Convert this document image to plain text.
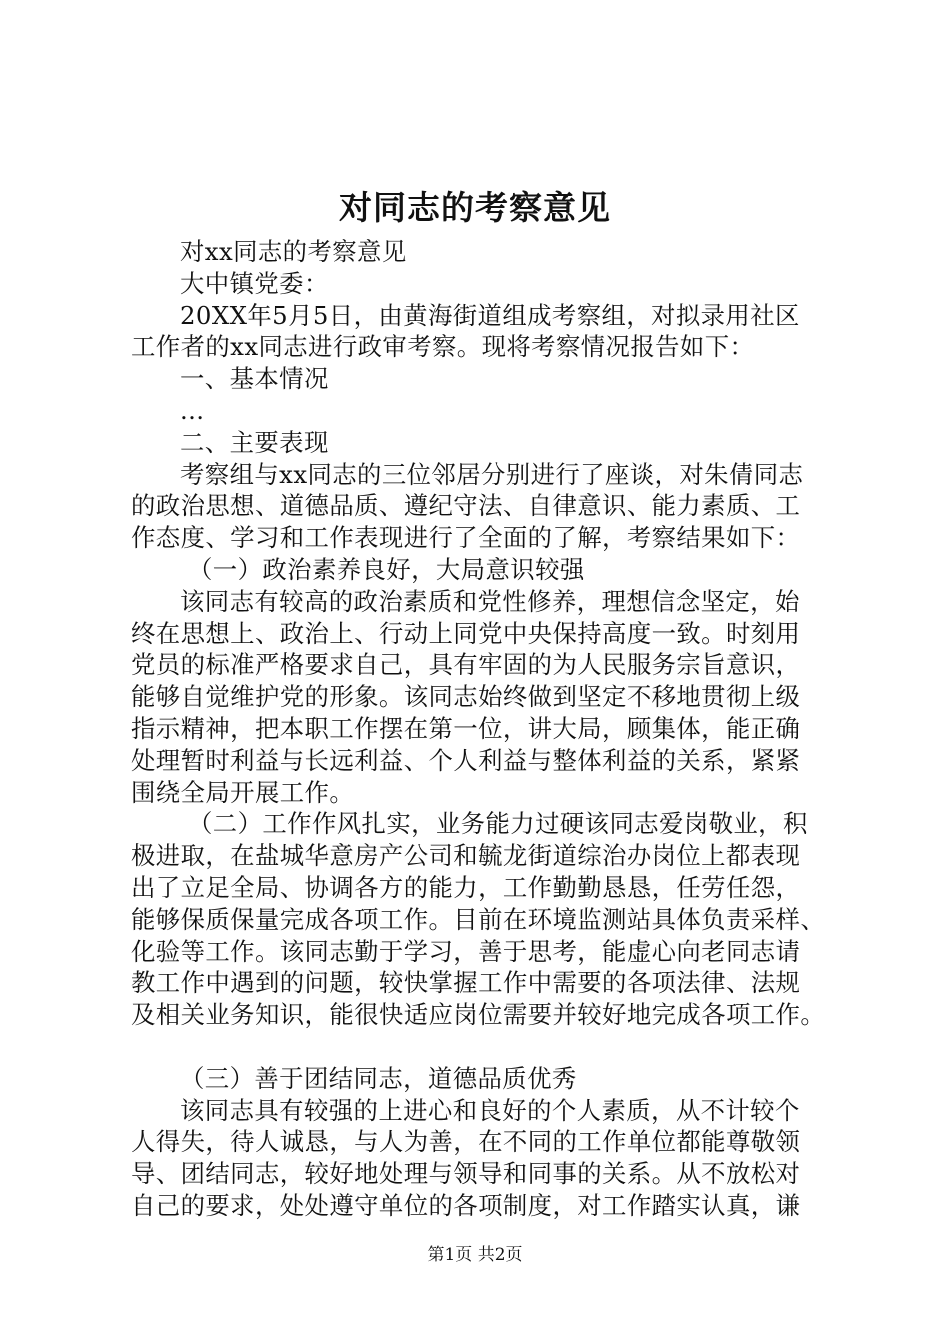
对同志的考察意见

对xx同志的考察意见

大中镇党委：

20XX年5月5日，由黄海街道组成考察组，对拟录用社区

工作者的xx同志进行政审考察。现将考察情况报告如下：

一、基本情况

...

二、主要表现

考察组与xx同志的三位邻居分别进行了座谈，对朱倩同志

的政治思想、道德品质、遵纪守法、自律意识、能力素质、工

作态度、学习和工作表现进行了全面的了解，考察结果如下：

（一）政治素养良好，大局意识较强

该同志有较高的政治素质和党性修养，理想信念坚定，始

终在思想上、政治上、行动上同党中央保持高度一致。时刻用

党员的标准严格要求自己，具有牢固的为人民服务宗旨意识，

能够自觉维护党的形象。该同志始终做到坚定不移地贯彻上级

指示精神，把本职工作摆在第一位，讲大局，顾集体，能正确

处理暂时利益与长远利益、个人利益与整体利益的关系，紧紧

围绕全局开展工作。

（二）工作作风扎实，业务能力过硬该同志爱岗敬业，积

极进取，在盐城华意房产公司和毓龙街道综治办岗位上都表现

出了立足全局、协调各方的能力，工作勤勤恳恳，任劳任怨，

能够保质保量完成各项工作。目前在环境监测站具体负责采样、

化验等工作。该同志勤于学习，善于思考，能虚心向老同志请

教工作中遇到的问题，较快掌握工作中需要的各项法律、法规

及相关业务知识，能很快适应岗位需要并较好地完成各项工作。

（三）善于团结同志，道德品质优秀

该同志具有较强的上进心和良好的个人素质，从不计较个

人得失，待人诚恳，与人为善，在不同的工作单位都能尊敬领

导、团结同志，较好地处理与领导和同事的关系。从不放松对

自己的要求，处处遵守单位的各项制度，对工作踏实认真，谦

第1页 共2页
